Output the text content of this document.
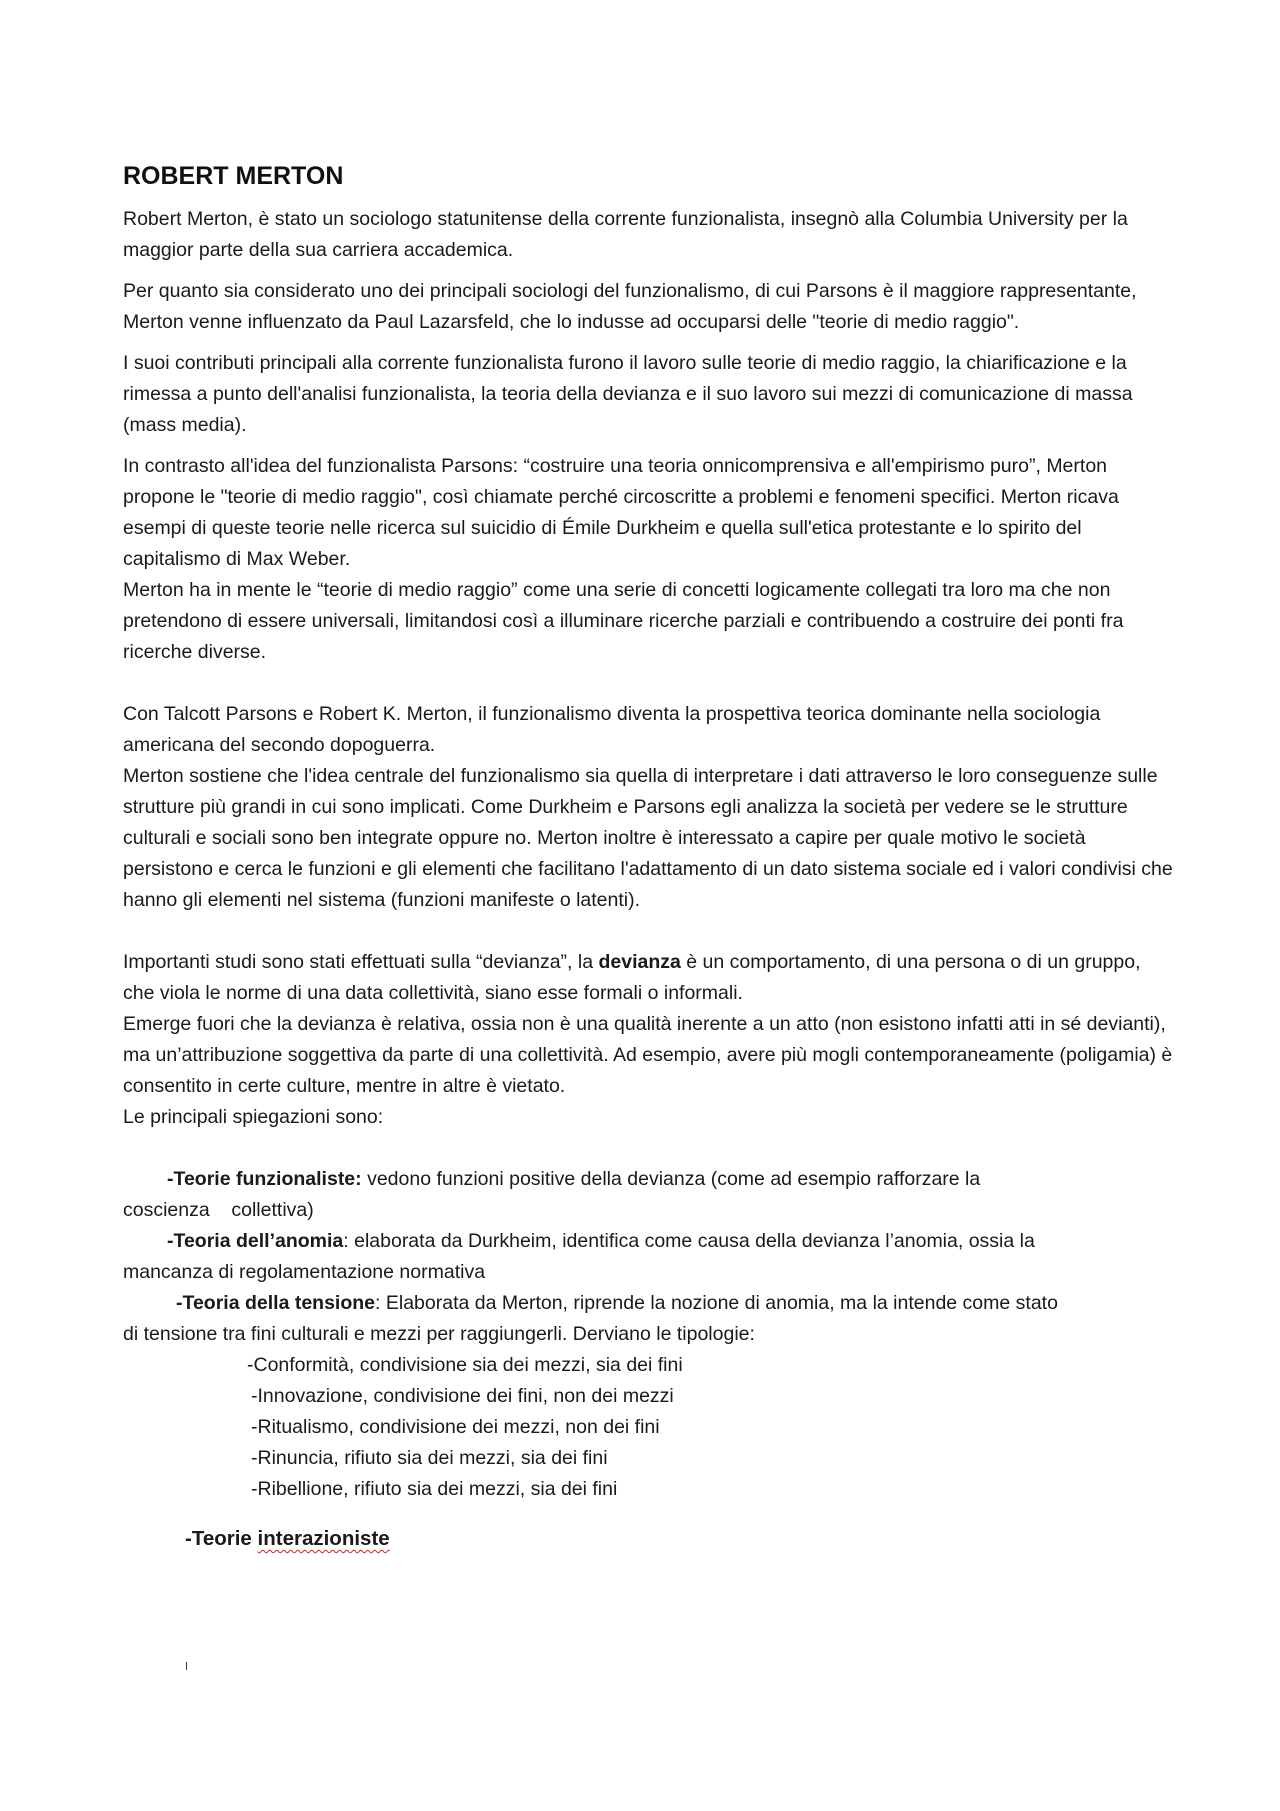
ROBERT MERTON

Robert Merton, è stato un sociologo statunitense della corrente funzionalista, insegnò alla Columbia University per la maggior parte della sua carriera accademica.

Per quanto sia considerato uno dei principali sociologi del funzionalismo, di cui Parsons è il maggiore rappresentante, Merton venne influenzato da Paul Lazarsfeld, che lo indusse ad occuparsi delle "teorie di medio raggio".

I suoi contributi principali alla corrente funzionalista furono il lavoro sulle teorie di medio raggio, la chiarificazione e la rimessa a punto dell'analisi funzionalista, la teoria della devianza e il suo lavoro sui mezzi di comunicazione di massa (mass media).

In contrasto all'idea del funzionalista Parsons: “costruire una teoria onnicomprensiva e all'empirismo puro”, Merton propone le "teorie di medio raggio", così chiamate perché circoscritte a problemi e fenomeni specifici. Merton ricava esempi di queste teorie nelle ricerca sul suicidio di Émile Durkheim e quella sull'etica protestante e lo spirito del capitalismo di Max Weber.

Merton ha in mente le “teorie di medio raggio” come una serie di concetti logicamente collegati tra loro ma che non pretendono di essere universali, limitandosi così a illuminare ricerche parziali e contribuendo a costruire dei ponti fra ricerche diverse.

Con Talcott Parsons e Robert K. Merton, il funzionalismo diventa la prospettiva teorica dominante nella sociologia americana del secondo dopoguerra.

Merton sostiene che l'idea centrale del funzionalismo sia quella di interpretare i dati attraverso le loro conseguenze sulle strutture più grandi in cui sono implicati. Come Durkheim e Parsons egli analizza la società per vedere se le strutture culturali e sociali sono ben integrate oppure no. Merton inoltre è interessato a capire per quale motivo le società persistono e cerca le funzioni e gli elementi che facilitano l'adattamento di un dato sistema sociale ed i valori condivisi che hanno gli elementi nel sistema (funzioni manifeste o latenti).

Importanti studi sono stati effettuati sulla “devianza”, la devianza è un comportamento, di una persona o di un gruppo, che viola le norme di una data collettività, siano esse formali o informali.

Emerge fuori che la devianza è relativa, ossia non è una qualità inerente a un atto (non esistono infatti atti in sé devianti), ma un’attribuzione soggettiva da parte di una collettività. Ad esempio, avere più mogli contemporaneamente (poligamia) è consentito in certe culture, mentre in altre è vietato.

Le principali spiegazioni sono:

-Teorie funzionaliste: vedono funzioni positive della devianza (come ad esempio rafforzare la
coscienza    collettiva)

-Teoria dell’anomia: elaborata da Durkheim, identifica come causa della devianza l’anomia, ossia la
mancanza di regolamentazione normativa

-Teoria della tensione: Elaborata da Merton, riprende la nozione di anomia, ma la intende come stato
di tensione tra fini culturali e mezzi per raggiungerli. Derviano le tipologie:

-Conformità, condivisione sia dei mezzi, sia dei fini

-Innovazione, condivisione dei fini, non dei mezzi

-Ritualismo, condivisione dei mezzi, non dei fini

-Rinuncia, rifiuto sia dei mezzi, sia dei fini

-Ribellione, rifiuto sia dei mezzi, sia dei fini

-Teorie interazioniste
